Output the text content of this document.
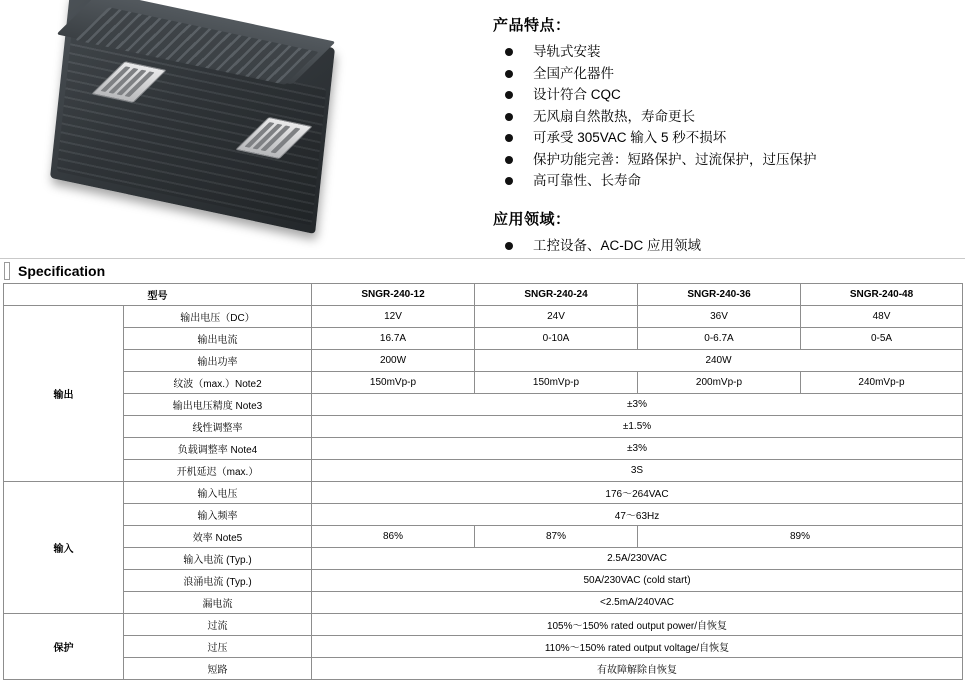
产品特点：
导轨式安装
全国产化器件
设计符合 CQC
无风扇自然散热，寿命更长
可承受 305VAC 输入 5 秒不损坏
保护功能完善：短路保护、过流保护，过压保护
高可靠性、长寿命
应用领域：
工控设备、AC-DC 应用领域
Specification
型号		SNGR-240-12	SNGR-240-24	SNGR-240-36	SNGR-240-48
输出	输出电压（DC）	12V	24V	36V	48V
	输出电流	16.7A	0-10A	0-6.7A	0-5A
	输出功率	200W	240W		
	纹波（max.）Note2	150mVp-p	150mVp-p	200mVp-p	240mVp-p
	输出电压精度 Note3	±3%			
	线性调整率	±1.5%			
	负载调整率 Note4	±3%			
	开机延迟（max.）	3S			
输入	输入电压	176～264VAC			
	输入频率	47～63Hz			
	效率 Note5	86%	87%	89%	
	输入电流 (Typ.)	2.5A/230VAC			
	浪涌电流 (Typ.)	50A/230VAC (cold start)			
	漏电流	<2.5mA/240VAC			
保护	过流	105%～150% rated output power/自恢复			
	过压	110%～150% rated output voltage/自恢复			
	短路	有故障解除自恢复			
